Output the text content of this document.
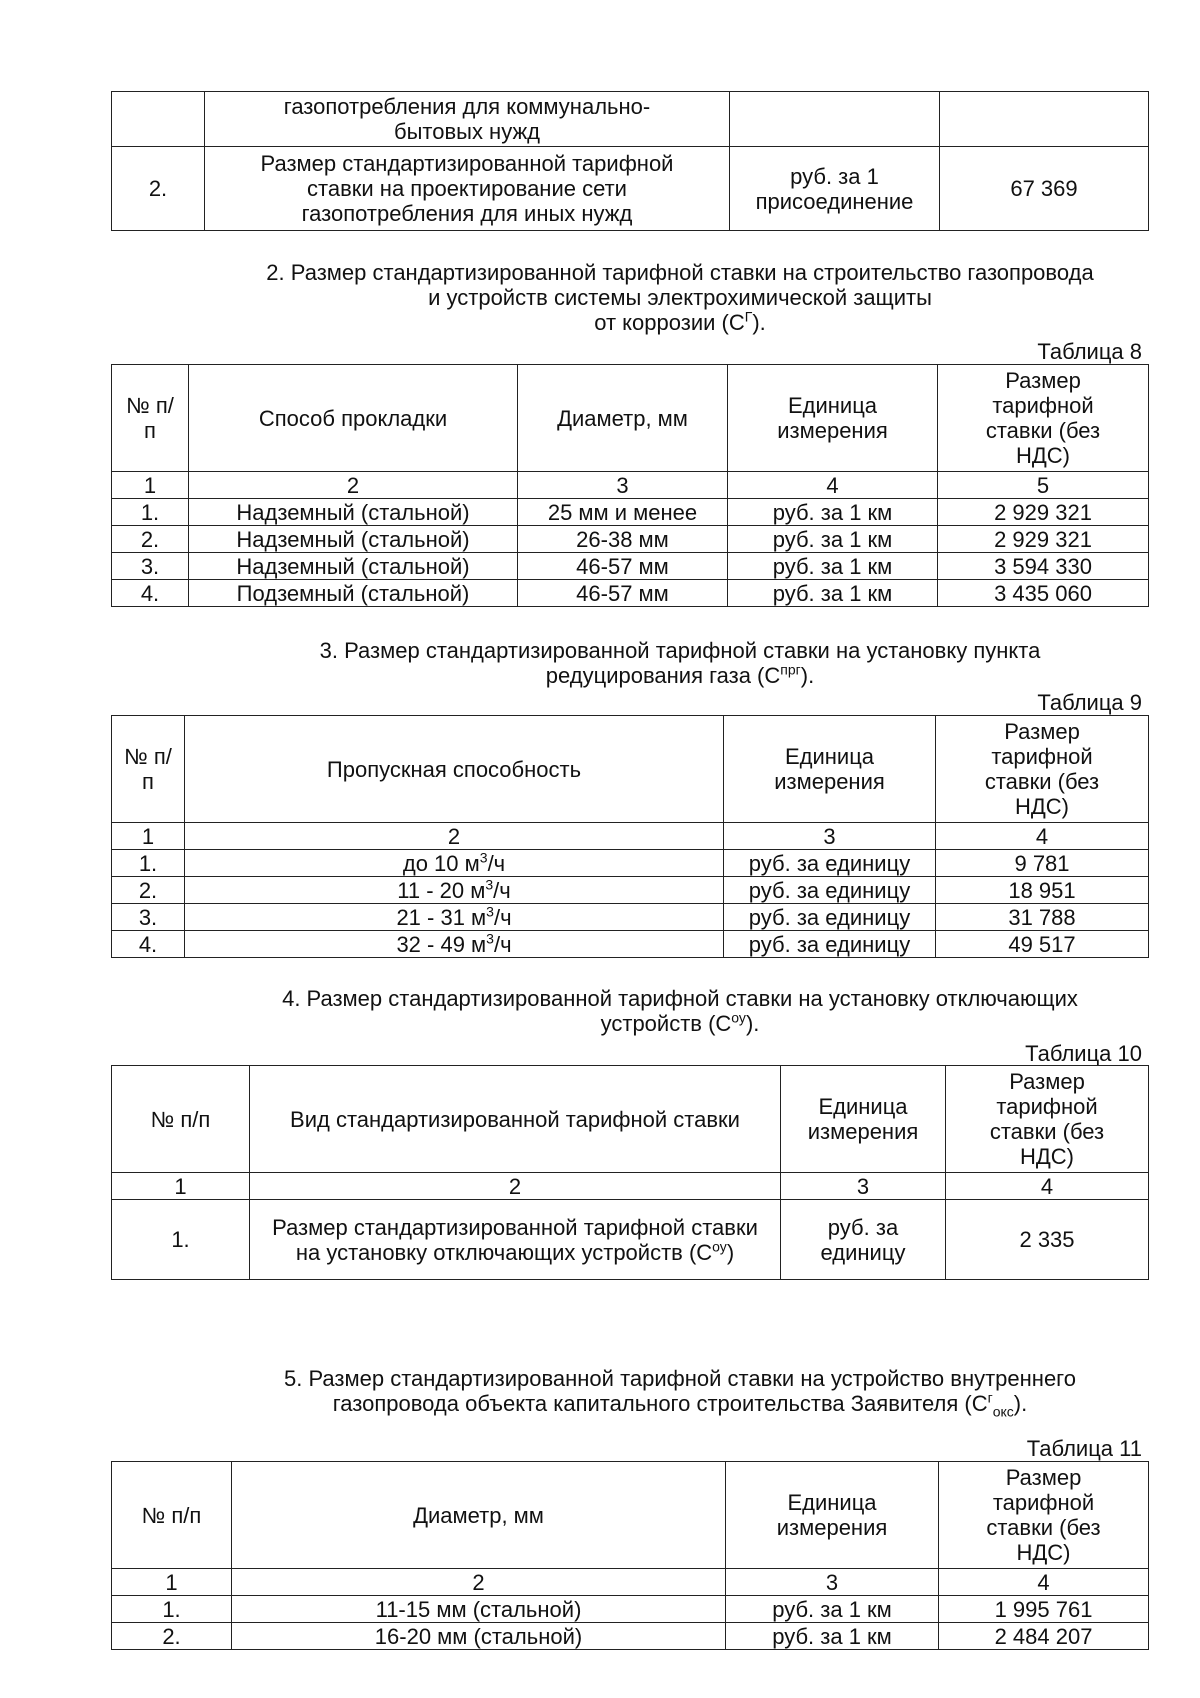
	газопотребления для коммунально-бытовых нужд		
2.	Размер стандартизированной тарифной ставки на проектирование сети газопотребления для иных нужд	руб. за 1 присоединение	67 369
2. Размер стандартизированной тарифной ставки на строительство газопровода
и устройств системы электрохимической защиты
от коррозии $(С^Г)$.
Таблица 8
№ п/п	Способ прокладки	Диаметр, мм	Единица измерения	Размер тарифной ставки (без НДС)
1	2	3	4	5
1.	Надземный (стальной)	25 мм и менее	руб. за 1 км	2 929 321
2.	Надземный (стальной)	26-38 мм	руб. за 1 км	2 929 321
3.	Надземный (стальной)	46-57 мм	руб. за 1 км	3 594 330
4.	Подземный (стальной)	46-57 мм	руб. за 1 км	3 435 060
3. Размер стандартизированной тарифной ставки на установку пункта
редуцирования газа $(С^{прг})$.
Таблица 9
№ п/п	Пропускная способность	Единица измерения	Размер тарифной ставки (без НДС)
1	2	3	4
1.	до 10 $м^3/ч$	руб. за единицу	9 781
2.	11 - 20 $м^3/ч$	руб. за единицу	18 951
3.	21 - 31 $м^3/ч$	руб. за единицу	31 788
4.	32 - 49 $м^3/ч$	руб. за единицу	49 517
4. Размер стандартизированной тарифной ставки на установку отключающих
устройств $(С^{оу})$.
Таблица 10
№ п/п	Вид стандартизированной тарифной ставки	Единица измерения	Размер тарифной ставки (без НДС)
1	2	3	4
1.	Размер стандартизированной тарифной ставки на установку отключающих устройств $(С^{оу})$	руб. за единицу	2 335
5. Размер стандартизированной тарифной ставки на устройство внутреннего
газопровода объекта капитального строительства Заявителя $(С^г_{окс})$.
Таблица 11
№ п/п	Диаметр, мм	Единица измерения	Размер тарифной ставки (без НДС)
1	2	3	4
1.	11-15 мм (стальной)	руб. за 1 км	1 995 761
2.	16-20 мм (стальной)	руб. за 1 км	2 484 207
